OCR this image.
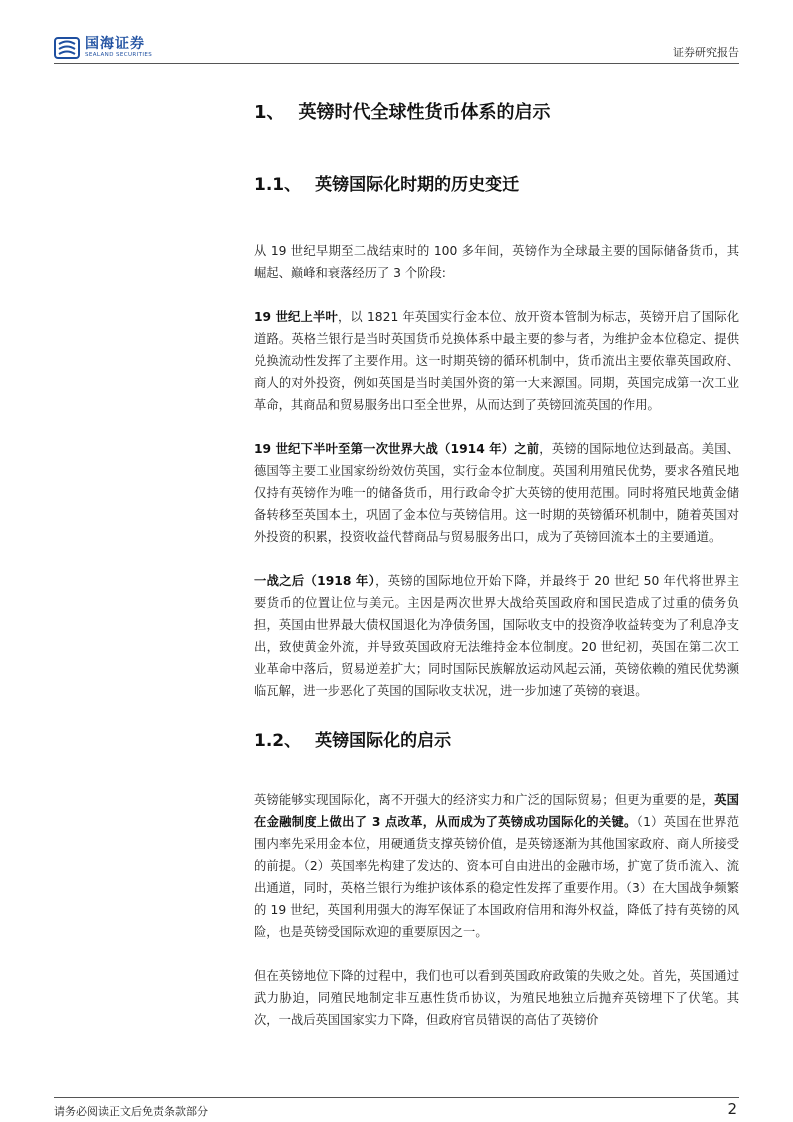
国海证券
SEALAND SECURITIES	证券研究报告
1、 英镑时代全球性货币体系的启示
1.1、 英镑国际化时期的历史变迁

从 19 世纪早期至二战结束时的 100 多年间，英镑作为全球最主要的国际储备货币，其崛起、巅峰和衰落经历了 3 个阶段:

19 世纪上半叶，以 1821 年英国实行金本位、放开资本管制为标志，英镑开启了国际化道路。英格兰银行是当时英国货币兑换体系中最主要的参与者，为维护金本位稳定、提供兑换流动性发挥了主要作用。这一时期英镑的循环机制中，货币流出主要依靠英国政府、商人的对外投资，例如英国是当时美国外资的第一大来源国。同期，英国完成第一次工业革命，其商品和贸易服务出口至全世界，从而达到了英镑回流英国的作用。

19 世纪下半叶至第一次世界大战（1914 年）之前，英镑的国际地位达到最高。美国、德国等主要工业国家纷纷效仿英国，实行金本位制度。英国利用殖民优势，要求各殖民地仅持有英镑作为唯一的储备货币，用行政命令扩大英镑的使用范围。同时将殖民地黄金储备转移至英国本土，巩固了金本位与英镑信用。这一时期的英镑循环机制中，随着英国对外投资的积累，投资收益代替商品与贸易服务出口，成为了英镑回流本土的主要通道。

一战之后（1918 年），英镑的国际地位开始下降，并最终于 20 世纪 50 年代将世界主要货币的位置让位与美元。主因是两次世界大战给英国政府和国民造成了过重的债务负担，英国由世界最大债权国退化为净债务国，国际收支中的投资净收益转变为了利息净支出，致使黄金外流，并导致英国政府无法维持金本位制度。20 世纪初，英国在第二次工业革命中落后，贸易逆差扩大；同时国际民族解放运动风起云涌，英镑依赖的殖民优势濒临瓦解，进一步恶化了英国的国际收支状况，进一步加速了英镑的衰退。

1.2、 英镑国际化的启示

英镑能够实现国际化，离不开强大的经济实力和广泛的国际贸易；但更为重要的是，英国在金融制度上做出了 3 点改革，从而成为了英镑成功国际化的关键。（1）英国在世界范围内率先采用金本位，用硬通货支撑英镑价值，是英镑逐渐为其他国家政府、商人所接受的前提。（2）英国率先构建了发达的、资本可自由进出的金融市场，扩宽了货币流入、流出通道，同时，英格兰银行为维护该体系的稳定性发挥了重要作用。（3）在大国战争频繁的 19 世纪，英国利用强大的海军保证了本国政府信用和海外权益，降低了持有英镑的风险，也是英镑受国际欢迎的重要原因之一。

但在英镑地位下降的过程中，我们也可以看到英国政府政策的失败之处。首先，英国通过武力胁迫，同殖民地制定非互惠性货币协议，为殖民地独立后抛弃英镑埋下了伏笔。其次，一战后英国国家实力下降，但政府官员错误的高估了英镑价

请务必阅读正文后免责条款部分	2
